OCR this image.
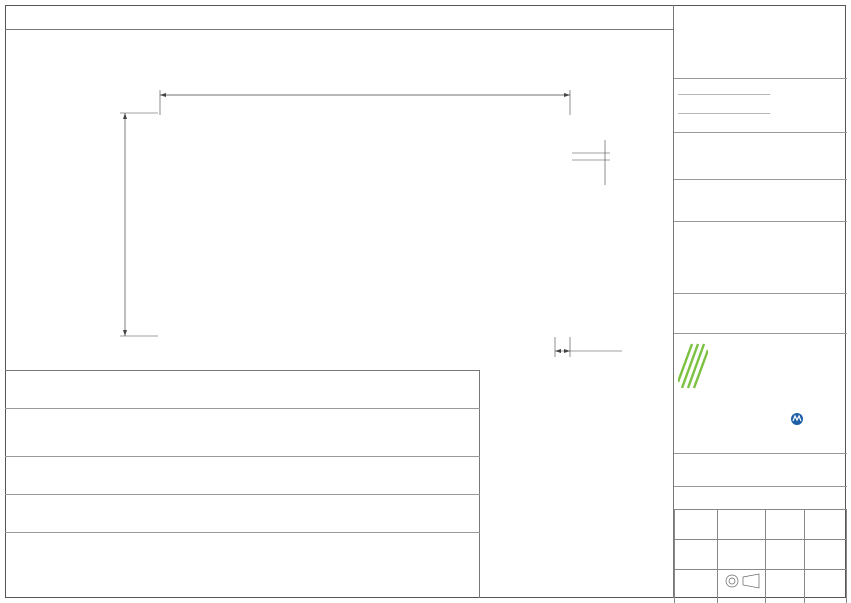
________________________________
________________________________
